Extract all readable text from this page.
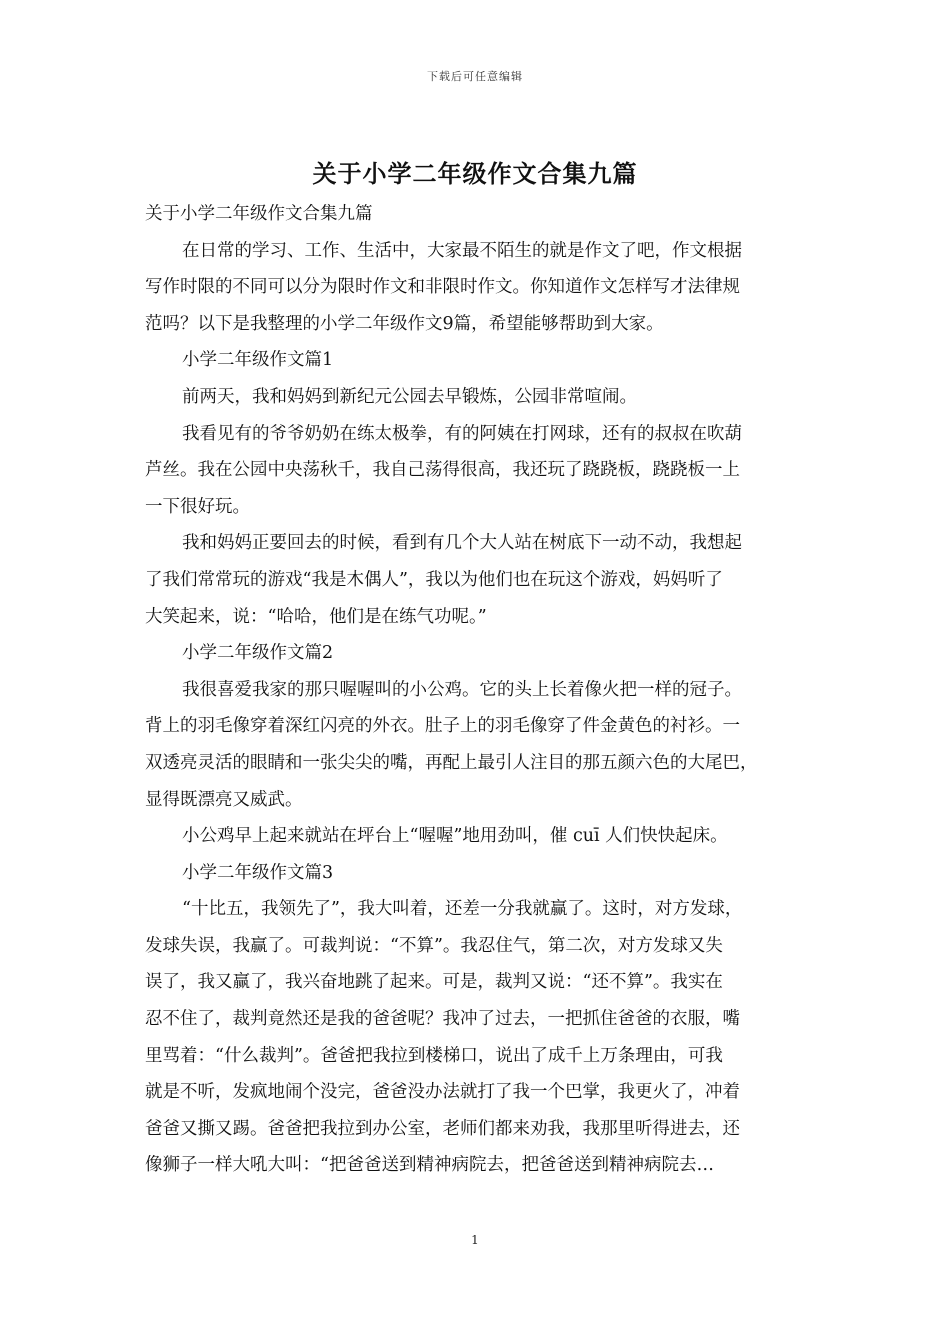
下载后可任意编辑
关于小学二年级作文合集九篇
关于小学二年级作文合集九篇
在日常的学习、工作、生活中，大家最不陌生的就是作文了吧，作文根据
写作时限的不同可以分为限时作文和非限时作文。你知道作文怎样写才法律规
范吗？以下是我整理的小学二年级作文9篇，希望能够帮助到大家。
小学二年级作文篇1
前两天，我和妈妈到新纪元公园去早锻炼，公园非常喧闹。
我看见有的爷爷奶奶在练太极拳，有的阿姨在打网球，还有的叔叔在吹葫
芦丝。我在公园中央荡秋千，我自己荡得很高，我还玩了跷跷板，跷跷板一上
一下很好玩。
我和妈妈正要回去的时候，看到有几个大人站在树底下一动不动，我想起
了我们常常玩的游戏“我是木偶人”，我以为他们也在玩这个游戏，妈妈听了
大笑起来，说：“哈哈，他们是在练气功呢。”
小学二年级作文篇2
我很喜爱我家的那只喔喔叫的小公鸡。它的头上长着像火把一样的冠子。
背上的羽毛像穿着深红闪亮的外衣。肚子上的羽毛像穿了件金黄色的衬衫。一
双透亮灵活的眼睛和一张尖尖的嘴，再配上最引人注目的那五颜六色的大尾巴，
显得既漂亮又威武。
小公鸡早上起来就站在坪台上“喔喔”地用劲叫，催 cuī 人们快快起床。
小学二年级作文篇3
“十比五，我领先了”，我大叫着，还差一分我就赢了。这时，对方发球，
发球失误，我赢了。可裁判说：“不算”。我忍住气，第二次，对方发球又失
误了，我又赢了，我兴奋地跳了起来。可是，裁判又说：“还不算”。我实在
忍不住了，裁判竟然还是我的爸爸呢？我冲了过去，一把抓住爸爸的衣服，嘴
里骂着：“什么裁判”。爸爸把我拉到楼梯口，说出了成千上万条理由，可我
就是不听，发疯地闹个没完，爸爸没办法就打了我一个巴掌，我更火了，冲着
爸爸又撕又踢。爸爸把我拉到办公室，老师们都来劝我，我那里听得进去，还
像狮子一样大吼大叫：“把爸爸送到精神病院去，把爸爸送到精神病院去…
1
